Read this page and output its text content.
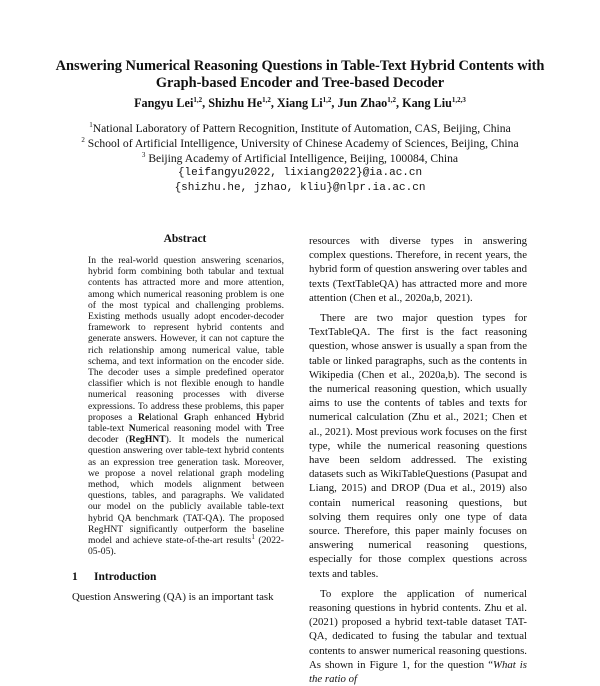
Answering Numerical Reasoning Questions in Table-Text Hybrid Contents with Graph-based Encoder and Tree-based Decoder
Fangyu Lei$^{1,2}$, Shizhu He$^{1,2}$, Xiang Li$^{1,2}$, Jun Zhao$^{1,2}$, Kang Liu$^{1,2,3}$
$^1$National Laboratory of Pattern Recognition, Institute of Automation, CAS, Beijing, China
$^2$ School of Artificial Intelligence, University of Chinese Academy of Sciences, Beijing, China
$^3$ Beijing Academy of Artificial Intelligence, Beijing, 100084, China
{leifangyu2022, lixiang2022}@ia.ac.cn
{shizhu.he, jzhao, kliu}@nlpr.ia.ac.cn
Abstract
In the real-world question answering scenarios, hybrid form combining both tabular and textual contents has attracted more and more attention, among which numerical reasoning problem is one of the most typical and challenging problems. Existing methods usually adopt encoder-decoder framework to represent hybrid contents and generate answers. However, it can not capture the rich relationship among numerical value, table schema, and text information on the encoder side. The decoder uses a simple predefined operator classifier which is not flexible enough to handle numerical reasoning processes with diverse expressions. To address these problems, this paper proposes a Relational Graph enhanced Hybrid table-text Numerical reasoning model with Tree decoder (RegHNT). It models the numerical question answering over table-text hybrid contents as an expression tree generation task. Moreover, we propose a novel relational graph modeling method, which models alignment between questions, tables, and paragraphs. We validated our model on the publicly available table-text hybrid QA benchmark (TAT-QA). The proposed RegHNT significantly outperform the baseline model and achieve state-of-the-art results$^1$ (2022-05-05).
1 Introduction
Question Answering (QA) is an important task

resources with diverse types in answering complex questions. Therefore, in recent years, the hybrid form of question answering over tables and texts (TextTableQA) has attracted more and more attention (Chen et al., 2020a,b, 2021).

There are two major question types for TextTableQA. The first is the fact reasoning question, whose answer is usually a span from the table or linked paragraphs, such as the contents in Wikipedia (Chen et al., 2020a,b). The second is the numerical reasoning question, which usually aims to use the contents of tables and texts for numerical calculation (Zhu et al., 2021; Chen et al., 2021). Most previous work focuses on the first type, while the numerical reasoning questions have been seldom addressed. The existing datasets such as WikiTableQuestions (Pasupat and Liang, 2015) and DROP (Dua et al., 2019) also contain numerical reasoning questions, but solving them requires only one type of data source. Therefore, this paper mainly focuses on answering numerical reasoning questions, especially for those complex questions across texts and tables.

To explore the application of numerical reasoning questions in hybrid contents. Zhu et al. (2021) proposed a hybrid text-table dataset TAT-QA, dedicated to fusing the tabular and textual contents to answer numerical reasoning questions. As shown in Figure 1, for the question “What is the ratio of
